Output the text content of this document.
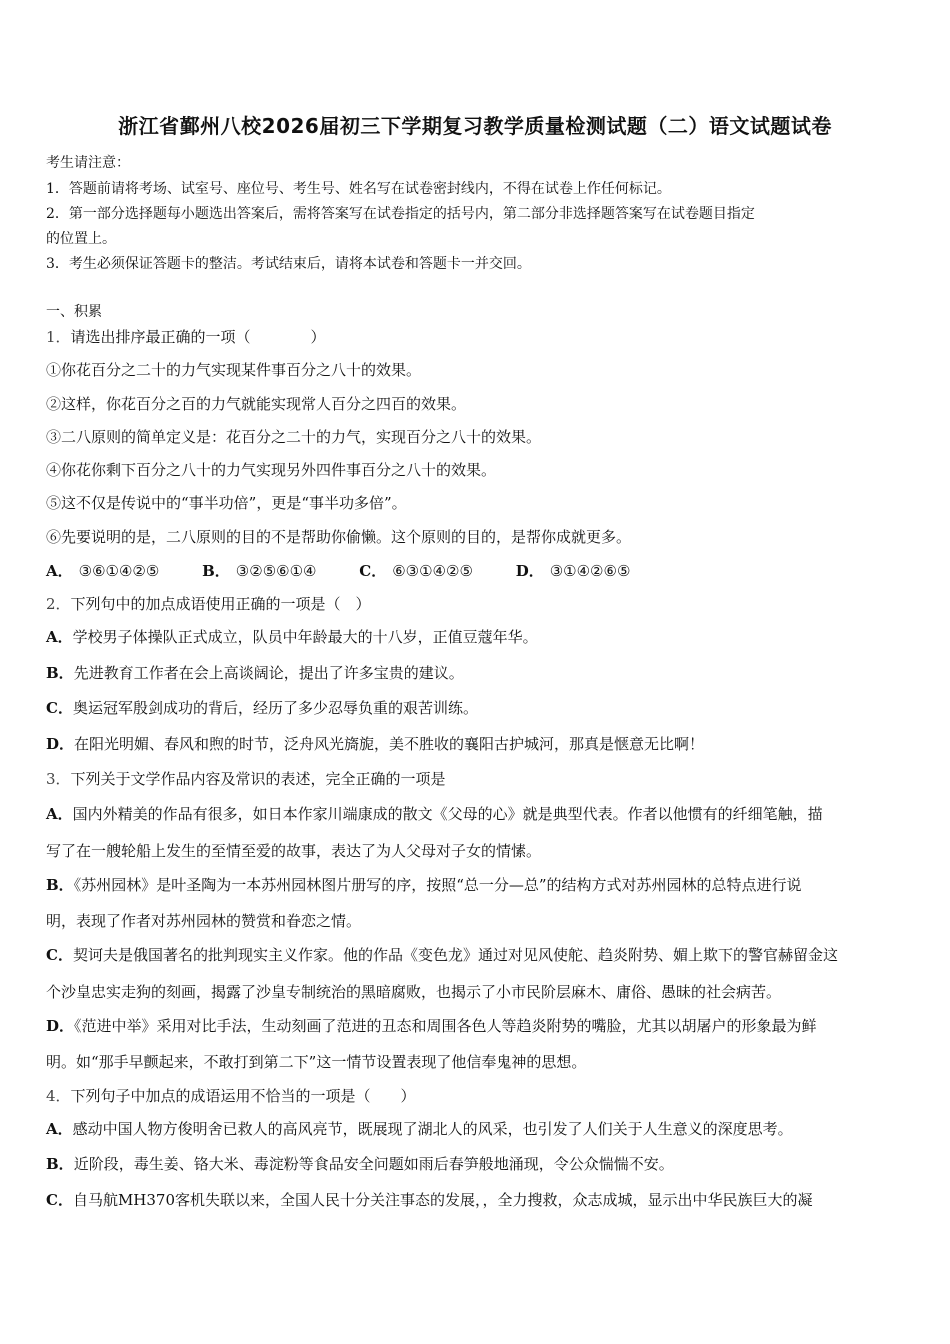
浙江省鄞州八校2026届初三下学期复习教学质量检测试题（二）语文试题试卷
考生请注意：
1．答题前请将考场、试室号、座位号、考生号、姓名写在试卷密封线内，不得在试卷上作任何标记。
2．第一部分选择题每小题选出答案后，需将答案写在试卷指定的括号内，第二部分非选择题答案写在试卷题目指定
的位置上。
3．考生必须保证答题卡的整洁。考试结束后，请将本试卷和答题卡一并交回。
一、积累
1．请选出排序最正确的一项（　　　　）
①你花百分之二十的力气实现某件事百分之八十的效果。
②这样，你花百分之百的力气就能实现常人百分之四百的效果。
③二八原则的简单定义是：花百分之二十的力气，实现百分之八十的效果。
④你花你剩下百分之八十的力气实现另外四件事百分之八十的效果。
⑤这不仅是传说中的“事半功倍”，更是“事半功多倍”。
⑥先要说明的是，二八原则的目的不是帮助你偷懒。这个原则的目的，是帮你成就更多。
A． ③⑥①④②⑤	B． ③②⑤⑥①④	C． ⑥③①④②⑤	D． ③①④②⑥⑤
2．下列句中的加点成语使用正确的一项是（　）
A．学校男子体操队正式成立，队员中年龄最大的十八岁，正值豆蔻年华。
B．先进教育工作者在会上高谈阔论，提出了许多宝贵的建议。
C．奥运冠军殷剑成功的背后，经历了多少忍辱负重的艰苦训练。
D．在阳光明媚、春风和煦的时节，泛舟风光旖旎，美不胜收的襄阳古护城河，那真是惬意无比啊！
3．下列关于文学作品内容及常识的表述，完全正确的一项是
A．国内外精美的作品有很多，如日本作家川端康成的散文《父母的心》就是典型代表。作者以他惯有的纤细笔触，描
写了在一艘轮船上发生的至情至爱的故事，表达了为人父母对子女的情愫。
B．《苏州园林》是叶圣陶为一本苏州园林图片册写的序，按照“总一分—总”的结构方式对苏州园林的总特点进行说
明，表现了作者对苏州园林的赞赏和眷恋之情。
C．契诃夫是俄国著名的批判现实主义作家。他的作品《变色龙》通过对见风使舵、趋炎附势、媚上欺下的警官赫留金这
个沙皇忠实走狗的刻画，揭露了沙皇专制统治的黑暗腐败，也揭示了小市民阶层麻木、庸俗、愚昧的社会病苦。
D．《范进中举》采用对比手法，生动刻画了范进的丑态和周围各色人等趋炎附势的嘴脸，尤其以胡屠户的形象最为鲜
明。如“那手早颤起来，不敢打到第二下”这一情节设置表现了他信奉鬼神的思想。
4．下列句子中加点的成语运用不恰当的一项是（　　）
A．感动中国人物方俊明舍已救人的高风亮节，既展现了湖北人的风采，也引发了人们关于人生意义的深度思考。
B．近阶段，毒生姜、铬大米、毒淀粉等食品安全问题如雨后春笋般地涌现，令公众惴惴不安。
C．自马航MH370客机失联以来，全国人民十分关注事态的发展，，全力搜救，众志成城，显示出中华民族巨大的凝
